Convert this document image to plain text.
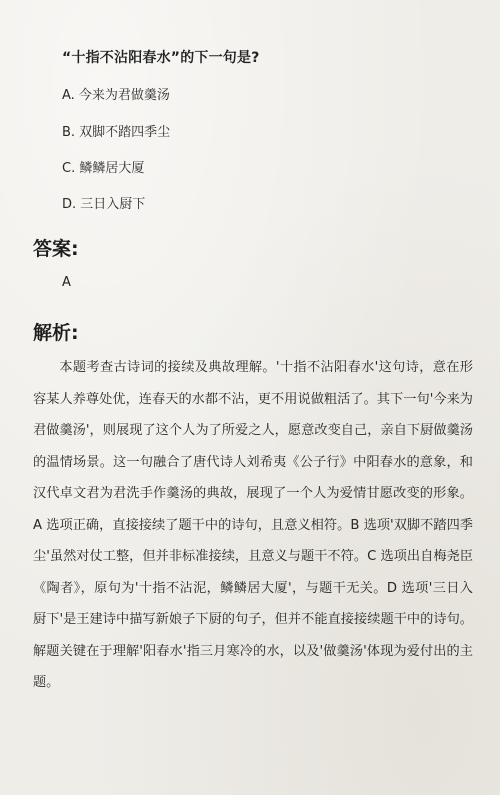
“十指不沾阳春水”的下一句是?
A. 今来为君做羹汤
B. 双脚不踏四季尘
C. 鳞鳞居大厦
D. 三日入厨下
答案:
A
解析:
本题考查古诗词的接续及典故理解。'十指不沾阳春水'这句诗，意在形容某人养尊处优，连春天的水都不沾，更不用说做粗活了。其下一句'今来为君做羹汤'，则展现了这个人为了所爱之人，愿意改变自己，亲自下厨做羹汤的温情场景。这一句融合了唐代诗人刘希夷《公子行》中阳春水的意象，和汉代卓文君为君洗手作羹汤的典故，展现了一个人为爱情甘愿改变的形象。A 选项正确，直接接续了题干中的诗句，且意义相符。B 选项'双脚不踏四季尘'虽然对仗工整，但并非标准接续，且意义与题干不符。C 选项出自梅尧臣《陶者》，原句为'十指不沾泥，鳞鳞居大厦'，与题干无关。D 选项'三日入厨下'是王建诗中描写新娘子下厨的句子，但并不能直接接续题干中的诗句。解题关键在于理解'阳春水'指三月寒冷的水，以及'做羹汤'体现为爱付出的主题。
